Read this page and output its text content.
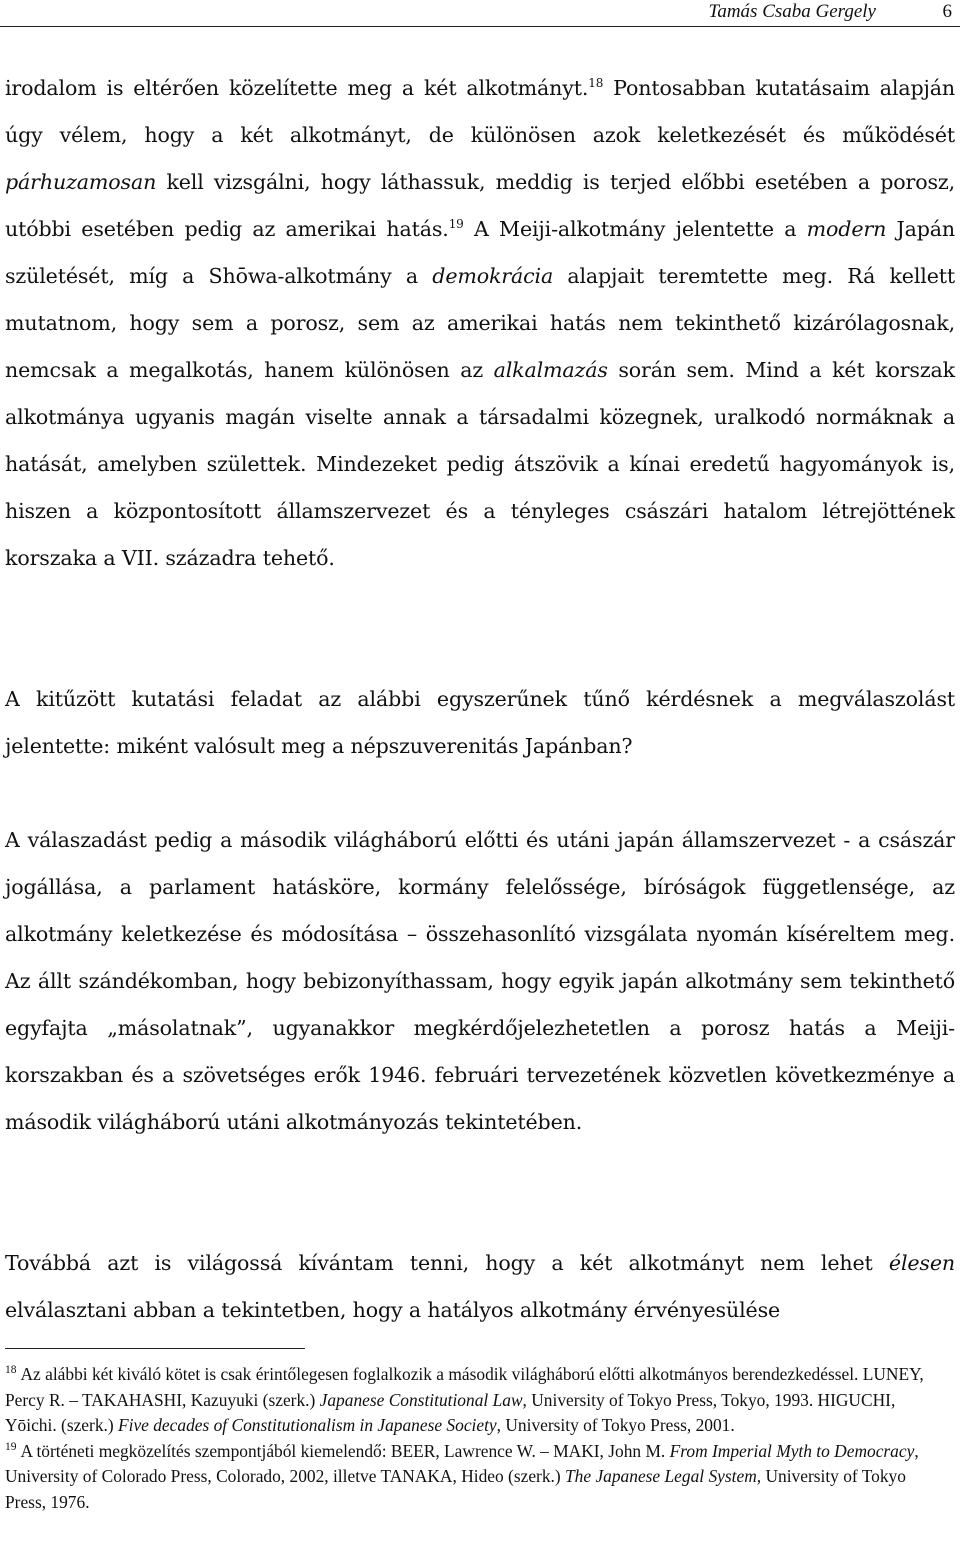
Tamás Csaba Gergely	6

irodalom is eltérően közelítette meg a két alkotmányt.$^{18}$ Pontosabban kutatásaim alapján úgy vélem, hogy a két alkotmányt, de különösen azok keletkezését és működését párhuzamosan kell vizsgálni, hogy láthassuk, meddig is terjed előbbi esetében a porosz, utóbbi esetében pedig az amerikai hatás.$^{19}$ A Meiji-alkotmány jelentette a modern Japán születését, míg a Shōwa-alkotmány a demokrácia alapjait teremtette meg. Rá kellett mutatnom, hogy sem a porosz, sem az amerikai hatás nem tekinthető kizárólagosnak, nemcsak a megalkotás, hanem különösen az alkalmazás során sem. Mind a két korszak alkotmánya ugyanis magán viselte annak a társadalmi közegnek, uralkodó normáknak a hatását, amelyben születtek. Mindezeket pedig átszövik a kínai eredetű hagyományok is, hiszen a központosított államszervezet és a tényleges császári hatalom létrejöttének korszaka a VII. századra tehető.

A kitűzött kutatási feladat az alábbi egyszerűnek tűnő kérdésnek a megválaszolást jelentette: miként valósult meg a népszuverenitás Japánban?

A válaszadást pedig a második világháború előtti és utáni japán államszervezet - a császár jogállása, a parlament hatásköre, kormány felelőssége, bíróságok függetlensége, az alkotmány keletkezése és módosítása – összehasonlító vizsgálata nyomán kíséreltem meg. Az állt szándékomban, hogy bebizonyíthassam, hogy egyik japán alkotmány sem tekinthető egyfajta „másolatnak”, ugyanakkor megkérdőjelezhetetlen a porosz hatás a Meiji-korszakban és a szövetséges erők 1946. februári tervezetének közvetlen következménye a második világháború utáni alkotmányozás tekintetében.

Továbbá azt is világossá kívántam tenni, hogy a két alkotmányt nem lehet élesen elválasztani abban a tekintetben, hogy a hatályos alkotmány érvényesülése

$^{18}$ Az alábbi két kiváló kötet is csak érintőlegesen foglalkozik a második világháború előtti alkotmányos berendezkedéssel. LUNEY, Percy R. – TAKAHASHI, Kazuyuki (szerk.) Japanese Constitutional Law, University of Tokyo Press, Tokyo, 1993. HIGUCHI, Yōichi. (szerk.) Five decades of Constitutionalism in Japanese Society, University of Tokyo Press, 2001.

$^{19}$ A történeti megközelítés szempontjából kiemelendő: BEER, Lawrence W. – MAKI, John M. From Imperial Myth to Democracy, University of Colorado Press, Colorado, 2002, illetve TANAKA, Hideo (szerk.) The Japanese Legal System, University of Tokyo Press, 1976.
